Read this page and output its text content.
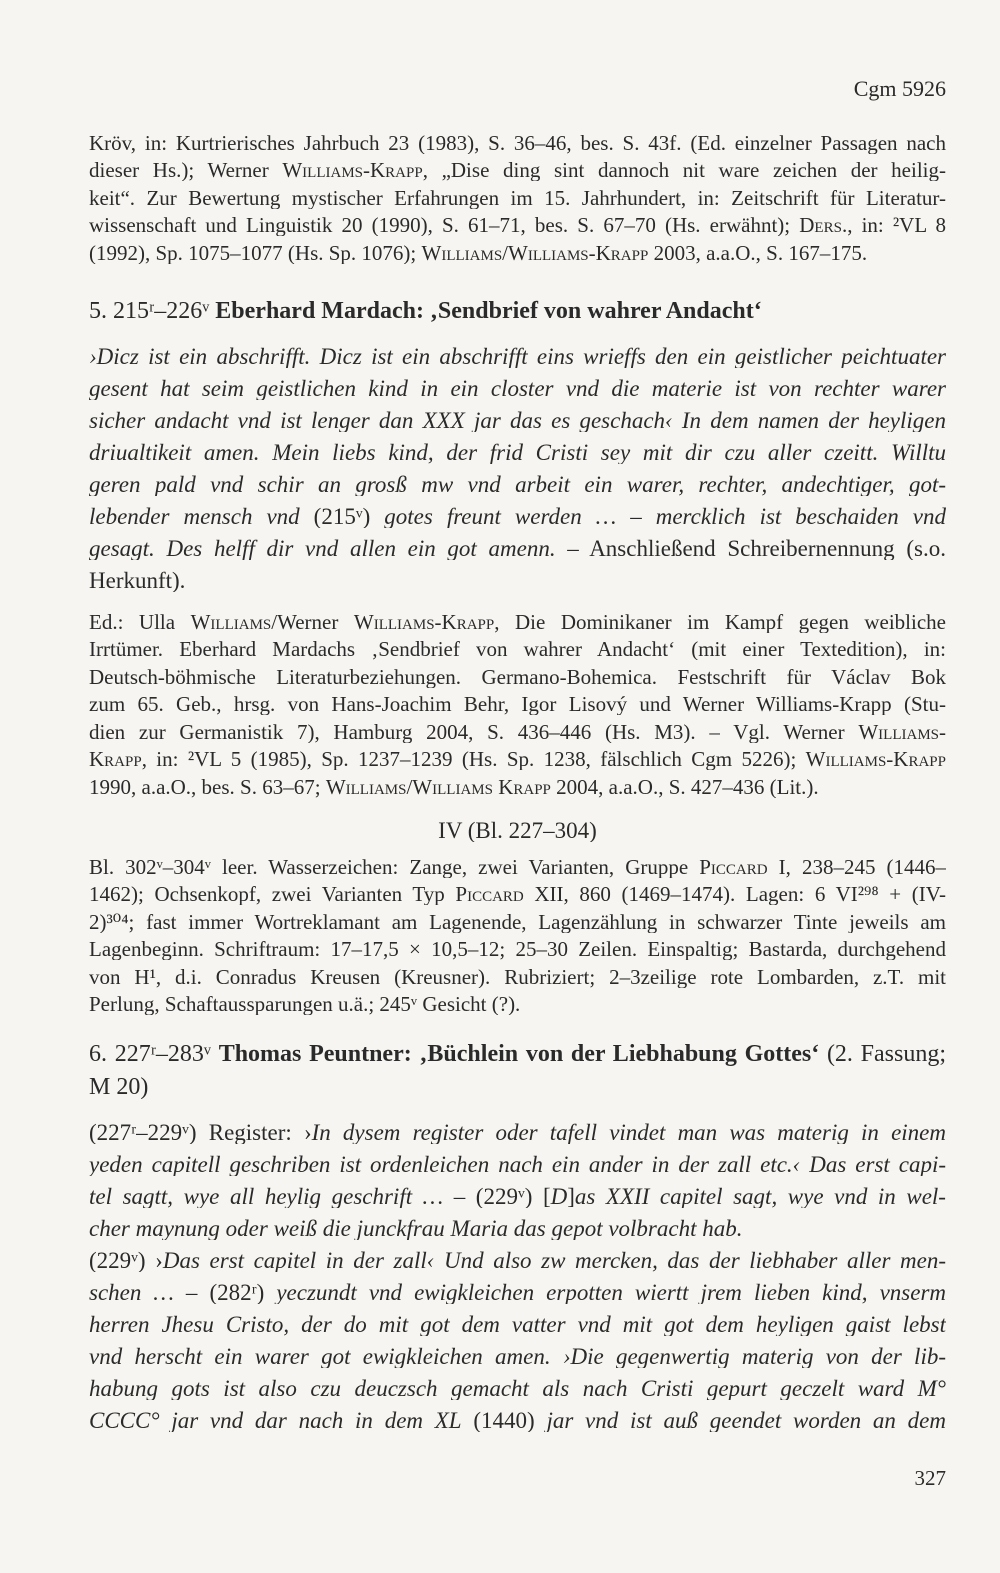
Cgm 5926
Kröv, in: Kurtrierisches Jahrbuch 23 (1983), S. 36–46, bes. S. 43f. (Ed. einzelner Passagen nach
dieser Hs.); Werner Williams-Krapp, „Dise ding sint dannoch nit ware zeichen der heilig-
keit“. Zur Bewertung mystischer Erfahrungen im 15. Jahrhundert, in: Zeitschrift für Literatur-
wissenschaft und Linguistik 20 (1990), S. 61–71, bes. S. 67–70 (Hs. erwähnt); Ders., in: ²VL 8
(1992), Sp. 1075–1077 (Hs. Sp. 1076); Williams/Williams-Krapp 2003, a.a.O., S. 167–175.
5. 215ʳ–226ᵛ Eberhard Mardach: ‚Sendbrief von wahrer Andacht‘
›Dicz ist ein abschrifft. Dicz ist ein abschrifft eins wrieffs den ein geistlicher peichtuater
gesent hat seim geistlichen kind in ein closter vnd die materie ist von rechter warer
sicher andacht vnd ist lenger dan XXX jar das es geschach‹ In dem namen der heyligen
driualtikeit amen. Mein liebs kind, der frid Cristi sey mit dir czu aller czeitt. Willtu
geren pald vnd schir an grosß mw vnd arbeit ein warer, rechter, andechtiger, got-
lebender mensch vnd (215ᵛ) gotes freunt werden … – mercklich ist beschaiden vnd
gesagt. Des helff dir vnd allen ein got amenn. – Anschließend Schreibernennung (s.o.
Herkunft).
Ed.: Ulla Williams/Werner Williams-Krapp, Die Dominikaner im Kampf gegen weibliche
Irrtümer. Eberhard Mardachs ‚Sendbrief von wahrer Andacht‘ (mit einer Textedition), in:
Deutsch-böhmische Literaturbeziehungen. Germano-Bohemica. Festschrift für Václav Bok
zum 65. Geb., hrsg. von Hans-Joachim Behr, Igor Lisový und Werner Williams-Krapp (Stu-
dien zur Germanistik 7), Hamburg 2004, S. 436–446 (Hs. M3). – Vgl. Werner Williams-
Krapp, in: ²VL 5 (1985), Sp. 1237–1239 (Hs. Sp. 1238, fälschlich Cgm 5226); Williams-Krapp
1990, a.a.O., bes. S. 63–67; Williams/Williams Krapp 2004, a.a.O., S. 427–436 (Lit.).
IV (Bl. 227–304)
Bl. 302ᵛ–304ᵛ leer. Wasserzeichen: Zange, zwei Varianten, Gruppe Piccard I, 238–245 (1446–
1462); Ochsenkopf, zwei Varianten Typ Piccard XII, 860 (1469–1474). Lagen: 6 VI²⁹⁸ + (IV-
2)³⁰⁴; fast immer Wortreklamant am Lagenende, Lagenzählung in schwarzer Tinte jeweils am
Lagenbeginn. Schriftraum: 17–17,5 × 10,5–12; 25–30 Zeilen. Einspaltig; Bastarda, durchgehend
von H¹, d.i. Conradus Kreusen (Kreusner). Rubriziert; 2–3zeilige rote Lombarden, z.T. mit
Perlung, Schaftaussparungen u.ä.; 245ᵛ Gesicht (?).
6. 227ʳ–283ᵛ Thomas Peuntner: ‚Büchlein von der Liebhabung Gottes‘ (2. Fassung;
M 20)
(227ʳ–229ᵛ) Register: ›In dysem register oder tafell vindet man was materig in einem
yeden capitell geschriben ist ordenleichen nach ein ander in der zall etc.‹ Das erst capi-
tel sagtt, wye all heylig geschrift … – (229ᵛ) [D]as XXII capitel sagt, wye vnd in wel-
cher maynung oder weiß die junckfrau Maria das gepot volbracht hab.
(229ᵛ) ›Das erst capitel in der zall‹ Und also zw mercken, das der liebhaber aller men-
schen … – (282ʳ) yeczundt vnd ewigkleichen erpotten wiertt jrem lieben kind, vnserm
herren Jhesu Cristo, der do mit got dem vatter vnd mit got dem heyligen gaist lebst
vnd herscht ein warer got ewigkleichen amen. ›Die gegenwertig materig von der lib-
habung gots ist also czu deuczsch gemacht als nach Cristi gepurt geczelt ward M°
CCCC° jar vnd dar nach in dem XL (1440) jar vnd ist auß geendet worden an dem
327
